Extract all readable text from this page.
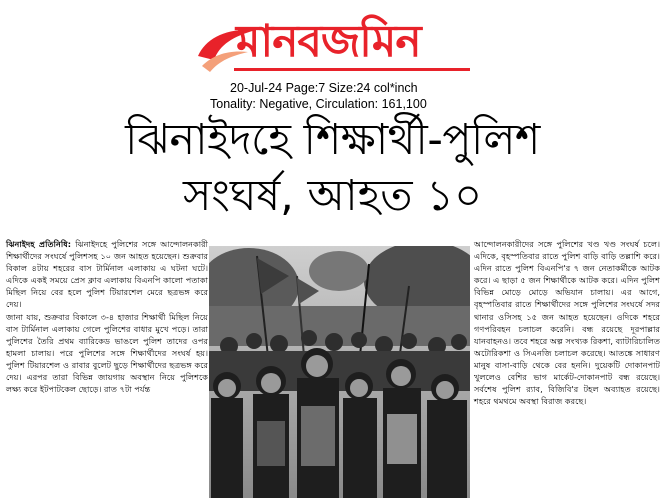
মানবজমিন
20-Jul-24 Page:7 Size:24 col*inch
Tonality: Negative, Circulation: 161,100
ঝিনাইদহে শিক্ষার্থী-পুলিশ
সংঘর্ষ, আহত ১০

ঝিনাইদহ প্রতিনিধি: ঝিনাইদহে পুলিশের সঙ্গে আন্দোলনকারী শিক্ষার্থীদের সংঘর্ষে পুলিশসহ ১০ জন আহত হয়েছেন। শুক্রবার বিকাল ৪টায় শহরের বাস টার্মিনাল এলাকায় এ ঘটনা ঘটে। এদিকে একই সময়ে প্রেস ক্লাব এলাকায় বিএনপি কালো পতাকা মিছিল নিয়ে বের হলে পুলিশ টিয়ারশেল মেরে ছত্রভঙ্গ করে দেয়।

জানা যায়, শুক্রবার বিকালে ৩-৪ হাজার শিক্ষার্থী মিছিল নিয়ে বাস টার্মিনাল এলাকায় গেলে পুলিশের বাধার মুখে পড়ে। তারা পুলিশের তৈরি প্রথম ব্যারিকেড ভাঙলে পুলিশ তাদের ওপর হামলা চালায়। পরে পুলিশের সঙ্গে শিক্ষার্থীদের সংঘর্ষ হয়। পুলিশ টিয়ারশেল ও রাবার বুলেট ছুড়ে শিক্ষার্থীদের ছত্রভঙ্গ করে দেয়। এরপর তারা বিভিন্ন জায়গায় অবস্থান নিয়ে পুলিশকে লক্ষ্য করে ইটপাটকেল ছোড়ে। রাত ৭টা পর্যন্ত

আন্দোলনকারীদের সঙ্গে পুলিশের খণ্ড খণ্ড সংঘর্ষ চলে। এদিকে, বৃহস্পতিবার রাতে পুলিশ বাড়ি বাড়ি তল্লাশি করে। এদিন রাতে পুলিশ বিএনপি'র ৭ জন নেতাকর্মীকে আটক করে। এ ছাড়া ৫ জন শিক্ষার্থীকে আটক করে। এদিন পুলিশ বিভিন্ন মোড়ে মোড়ে অভিযান চালায়। এর আগে, বৃহস্পতিবার রাতে শিক্ষার্থীদের সঙ্গে পুলিশের সংঘর্ষে সদর থানার ওসিসহ ১৫ জন আহত হয়েছেন। ওদিকে শহরে গণপরিবহন চলাচল করেনি। বন্ধ রয়েছে দূরপাল্লার যানবাহনও। তবে শহরে অল্প সংখ্যক রিকশা, ব্যাটারিচালিত অটোরিকশা ও সিএনজি চলাচল করেছে। আতঙ্কে সাধারণ মানুষ বাসা-বাড়ি থেকে বের হননি। দুয়েকটি দোকানপাট খুললেও বেশির ভাগ মার্কেট-দোকানপাট বন্ধ রয়েছে। সর্বশেষ পুলিশ র‍্যাব, বিজিবি'র টহল অব্যাহত রয়েছে। শহরে থমথমে অবস্থা বিরাজ করছে।
